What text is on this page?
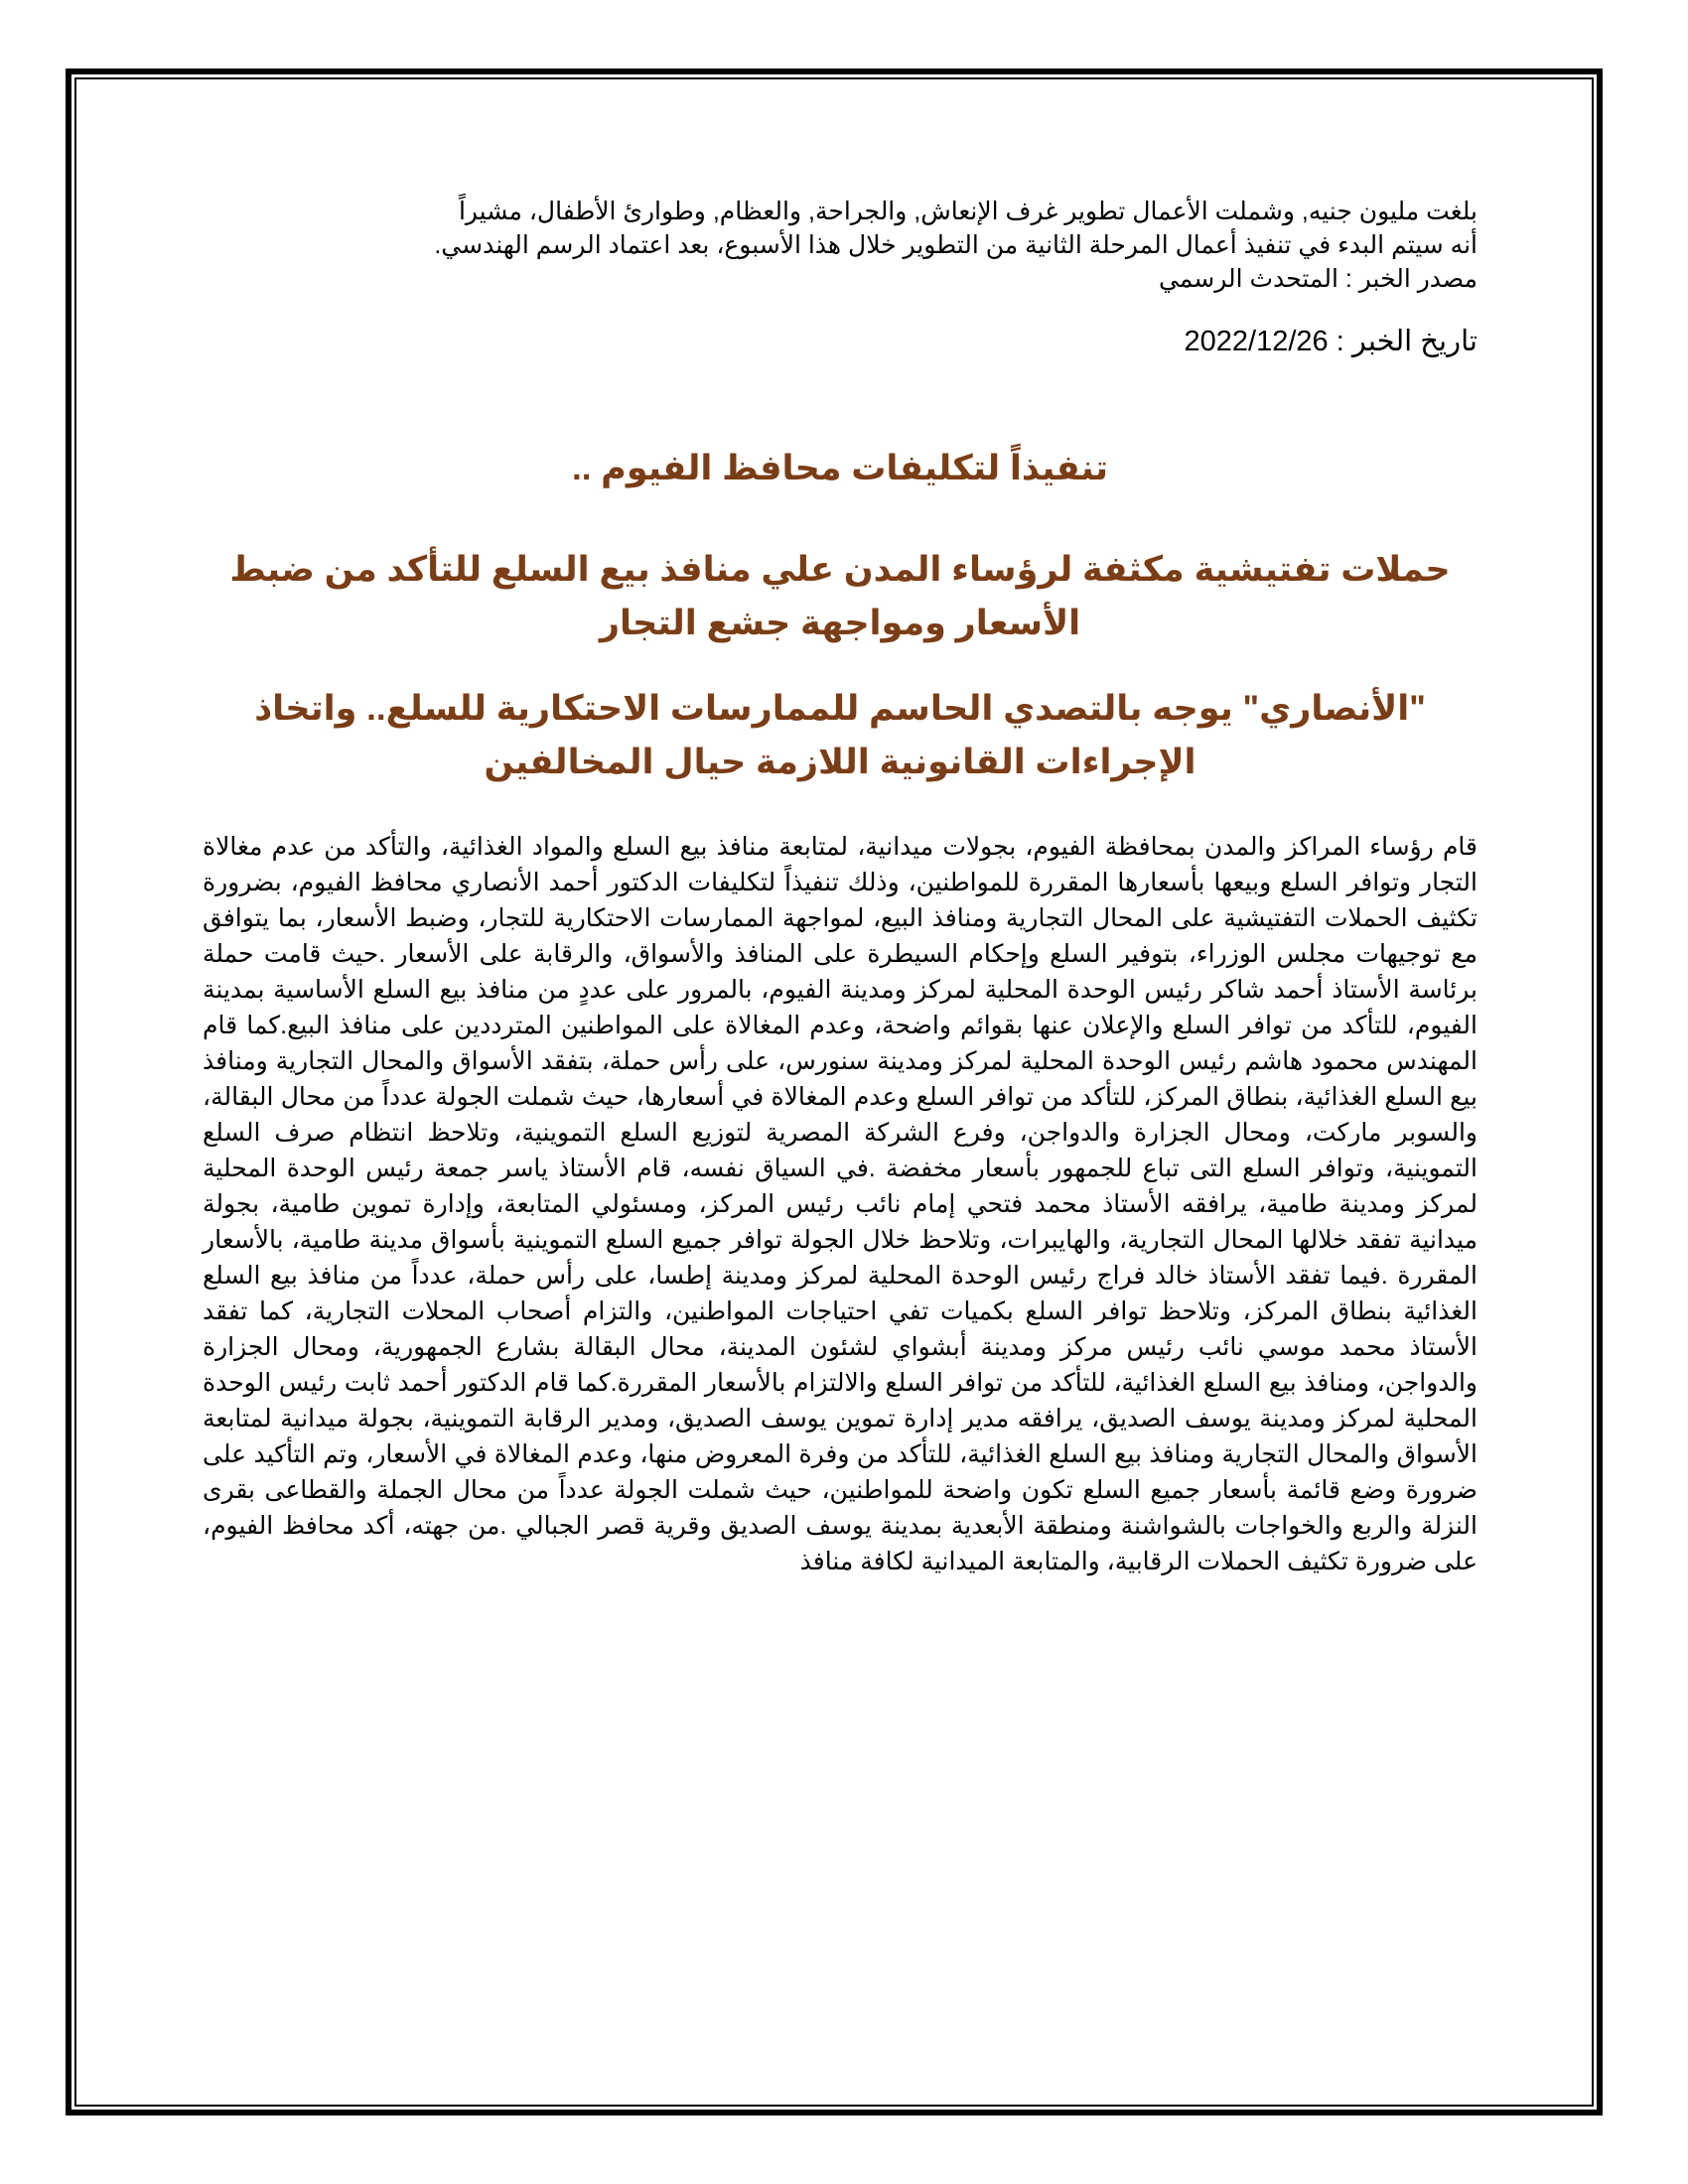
بلغت مليون جنيه, وشملت الأعمال تطوير غرف الإنعاش, والجراحة, والعظام, وطوارئ الأطفال، مشيراً

أنه سيتم البدء في تنفيذ أعمال المرحلة الثانية من التطوير خلال هذا الأسبوع، بعد اعتماد الرسم الهندسي.

مصدر الخبر : المتحدث الرسمي

تاريخ الخبر : 2022/12/26

تنفيذاً لتكليفات محافظ الفيوم ..
حملات تفتيشية مكثفة لرؤساء المدن علي منافذ بيع السلع للتأكد من ضبط الأسعار ومواجهة جشع التجار
"الأنصاري" يوجه بالتصدي الحاسم للممارسات الاحتكارية للسلع.. واتخاذ الإجراءات القانونية اللازمة حيال المخالفين

قام رؤساء المراكز والمدن بمحافظة الفيوم، بجولات ميدانية، لمتابعة منافذ بيع السلع والمواد الغذائية، والتأكد من عدم مغالاة التجار وتوافر السلع وبيعها بأسعارها المقررة للمواطنين، وذلك تنفيذاً لتكليفات الدكتور أحمد الأنصاري محافظ الفيوم، بضرورة تكثيف الحملات التفتيشية على المحال التجارية ومنافذ البيع، لمواجهة الممارسات الاحتكارية للتجار، وضبط الأسعار، بما يتوافق مع توجيهات مجلس الوزراء، بتوفير السلع وإحكام السيطرة على المنافذ والأسواق، والرقابة على الأسعار .حيث قامت حملة برئاسة الأستاذ أحمد شاكر رئيس الوحدة المحلية لمركز ومدينة الفيوم، بالمرور على عددٍ من منافذ بيع السلع الأساسية بمدينة الفيوم، للتأكد من توافر السلع والإعلان عنها بقوائم واضحة، وعدم المغالاة على المواطنين المترددين على منافذ البيع.كما قام المهندس محمود هاشم رئيس الوحدة المحلية لمركز ومدينة سنورس، على رأس حملة، بتفقد الأسواق والمحال التجارية ومنافذ بيع السلع الغذائية، بنطاق المركز، للتأكد من توافر السلع وعدم المغالاة في أسعارها، حيث شملت الجولة عدداً من محال البقالة، والسوبر ماركت، ومحال الجزارة والدواجن، وفرع الشركة المصرية لتوزيع السلع التموينية، وتلاحظ انتظام صرف السلع التموينية، وتوافر السلع التى تباع للجمهور بأسعار مخفضة .في السياق نفسه، قام الأستاذ ياسر جمعة رئيس الوحدة المحلية لمركز ومدينة طامية، يرافقه الأستاذ محمد فتحي إمام نائب رئيس المركز، ومسئولي المتابعة، وإدارة تموين طامية، بجولة ميدانية تفقد خلالها المحال التجارية، والهايبرات، وتلاحظ خلال الجولة توافر جميع السلع التموينية بأسواق مدينة طامية، بالأسعار المقررة .فيما تفقد الأستاذ خالد فراج رئيس الوحدة المحلية لمركز ومدينة إطسا، على رأس حملة، عدداً من منافذ بيع السلع الغذائية بنطاق المركز، وتلاحظ توافر السلع بكميات تفي احتياجات المواطنين، والتزام أصحاب المحلات التجارية، كما تفقد الأستاذ محمد موسي نائب رئيس مركز ومدينة أبشواي لشئون المدينة، محال البقالة بشارع الجمهورية، ومحال الجزارة والدواجن، ومنافذ بيع السلع الغذائية، للتأكد من توافر السلع والالتزام بالأسعار المقررة.كما قام الدكتور أحمد ثابت رئيس الوحدة المحلية لمركز ومدينة يوسف الصديق، يرافقه مدير إدارة تموين يوسف الصديق، ومدير الرقابة التموينية، بجولة ميدانية لمتابعة الأسواق والمحال التجارية ومنافذ بيع السلع الغذائية، للتأكد من وفرة المعروض منها، وعدم المغالاة في الأسعار، وتم التأكيد على ضرورة وضع قائمة بأسعار جميع السلع تكون واضحة للمواطنين، حيث شملت الجولة عدداً من محال الجملة والقطاعى بقرى النزلة والربع والخواجات بالشواشنة ومنطقة الأبعدية بمدينة يوسف الصديق وقرية قصر الجبالي .من جهته، أكد محافظ الفيوم، على ضرورة تكثيف الحملات الرقابية، والمتابعة الميدانية لكافة منافذ
